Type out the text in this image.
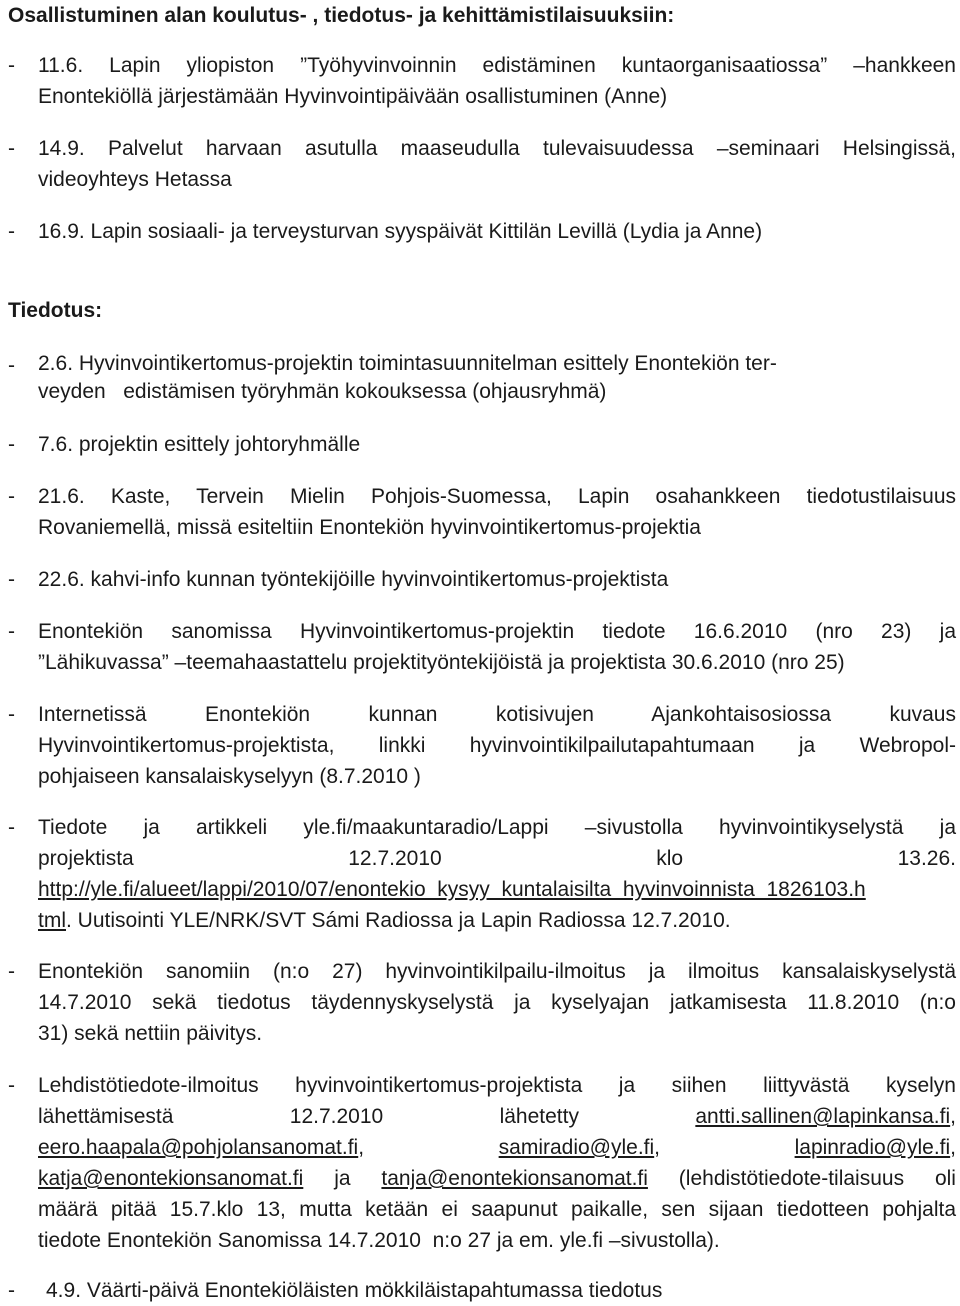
Osallistuminen alan koulutus- , tiedotus- ja kehittämistilaisuuksiin:
- 11.6. Lapin yliopiston ”Työhyvinvoinnin edistäminen kuntaorganisaatiossa” –hankkeen
Enontekiöllä järjestämään Hyvinvointipäivään osallistuminen (Anne)
- 14.9. Palvelut harvaan asutulla maaseudulla tulevaisuudessa –seminaari Helsingissä,
videoyhteys Hetassa
- 16.9. Lapin sosiaali- ja terveysturvan syyspäivät Kittilän Levillä (Lydia ja Anne)
Tiedotus:
- 2.6. Hyvinvointikertomus-projektin toimintasuunnitelman esittely Enontekiön ter-
veyden   edistämisen työryhmän kokouksessa (ohjausryhmä)
- 7.6. projektin esittely johtoryhmälle
- 21.6. Kaste, Tervein Mielin Pohjois-Suomessa, Lapin osahankkeen tiedotustilaisuus
Rovaniemellä, missä esiteltiin Enontekiön hyvinvointikertomus-projektia
- 22.6. kahvi-info kunnan työntekijöille hyvinvointikertomus-projektista
- Enontekiön sanomissa Hyvinvointikertomus-projektin tiedote 16.6.2010 (nro 23) ja
”Lähikuvassa” –teemahaastattelu projektityöntekijöistä ja projektista 30.6.2010 (nro 25)
- Internetissä Enontekiön kunnan kotisivujen Ajankohtaisosiossa kuvaus
Hyvinvointikertomus-projektista, linkki hyvinvointikilpailutapahtumaan ja Webropol-
pohjaiseen kansalaiskyselyyn (8.7.2010 )
- Tiedote ja artikkeli yle.fi/maakuntaradio/Lappi –sivustolla hyvinvointikyselystä ja
projektista 12.7.2010 klo 13.26.
http://yle.fi/alueet/lappi/2010/07/enontekio_kysyy_kuntalaisilta_hyvinvoinnista_1826103.h
tml. Uutisointi YLE/NRK/SVT Sámi Radiossa ja Lapin Radiossa 12.7.2010.
- Enontekiön sanomiin (n:o 27) hyvinvointikilpailu-ilmoitus ja ilmoitus kansalaiskyselystä
14.7.2010 sekä tiedotus täydennyskyselystä ja kyselyajan jatkamisesta 11.8.2010 (n:o
31) sekä nettiin päivitys.
- Lehdistötiedote-ilmoitus hyvinvointikertomus-projektista ja siihen liittyvästä kyselyn
lähettämisestä 12.7.2010 lähetetty	antti.sallinen@lapinkansa.fi,
eero.haapala@pohjolansanomat.fi,	samiradio@yle.fi,	lapinradio@yle.fi,
katja@enontekionsanomat.fi ja tanja@enontekionsanomat.fi (lehdistötiedote-tilaisuus oli
määrä pitää 15.7.klo 13, mutta ketään ei saapunut paikalle, sen sijaan tiedotteen pohjalta
tiedote Enontekiön Sanomissa 14.7.2010  n:o 27 ja em. yle.fi –sivustolla).
- 4.9. Väärti-päivä Enontekiöläisten mökkiläistapahtumassa tiedotus
